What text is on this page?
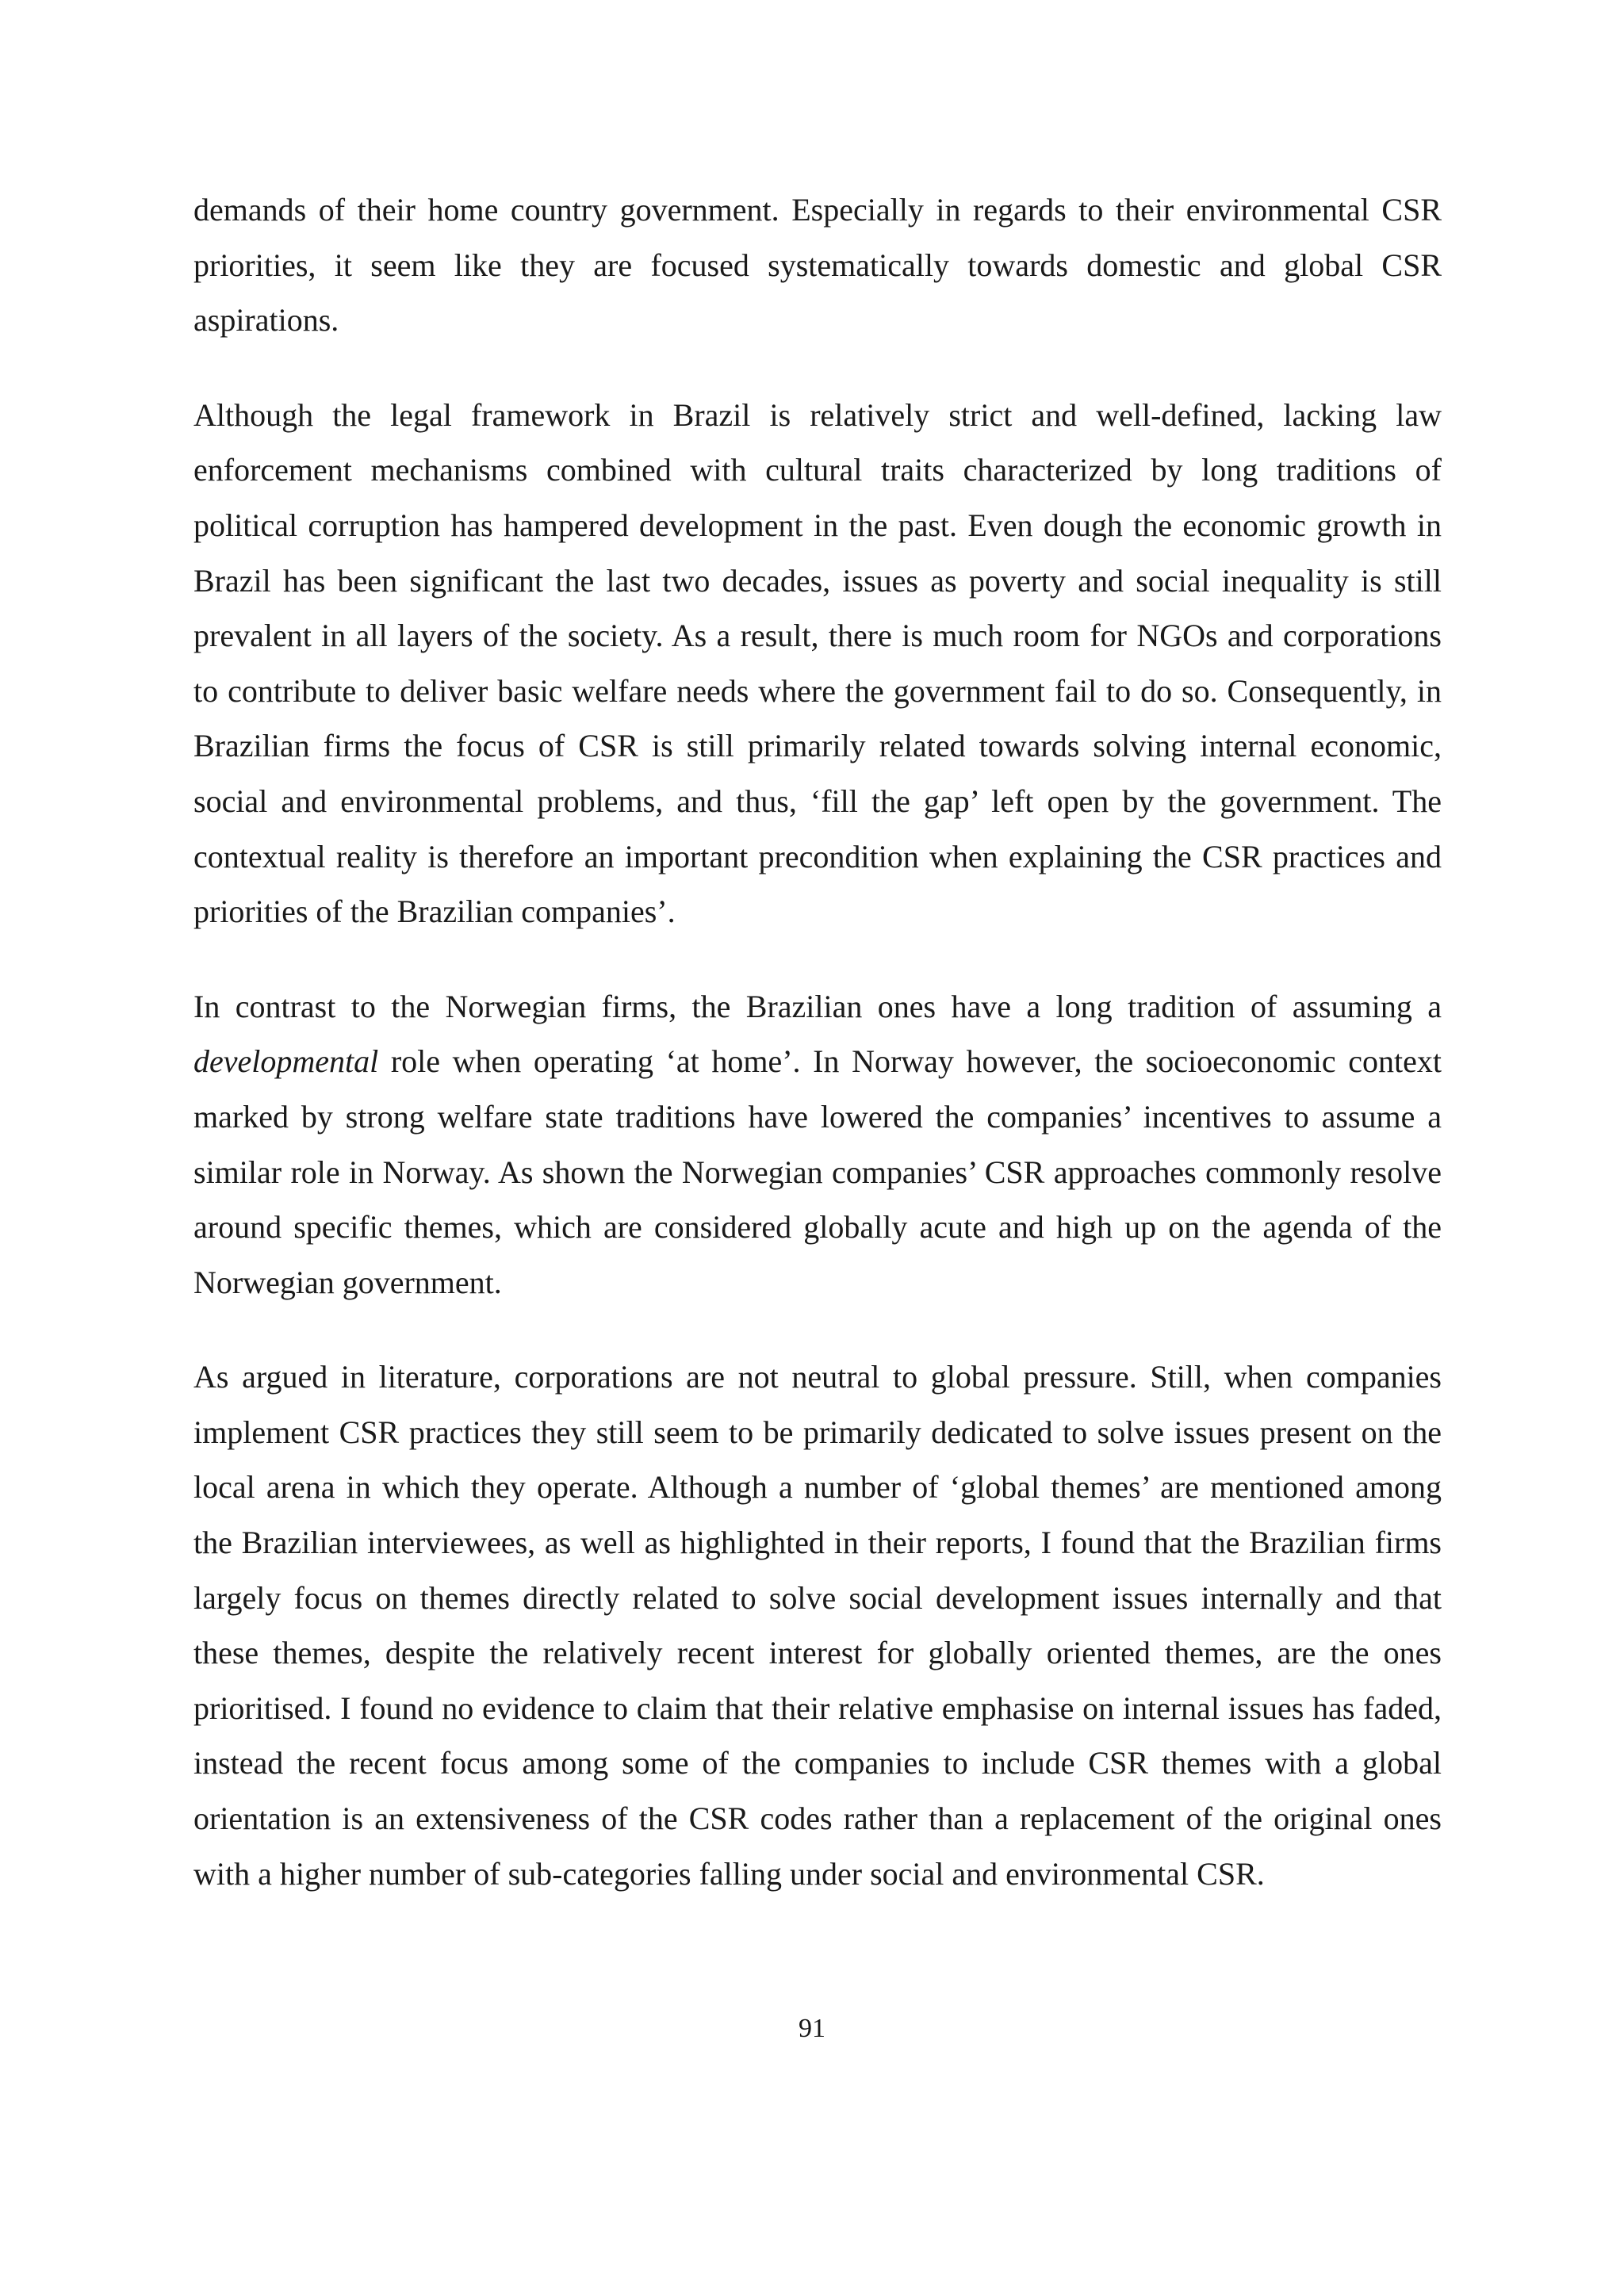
demands of their home country government. Especially in regards to their environmental CSR priorities, it seem like they are focused systematically towards domestic and global CSR aspirations.

Although the legal framework in Brazil is relatively strict and well-defined, lacking law enforcement mechanisms combined with cultural traits characterized by long traditions of political corruption has hampered development in the past. Even dough the economic growth in Brazil has been significant the last two decades, issues as poverty and social inequality is still prevalent in all layers of the society. As a result, there is much room for NGOs and corporations to contribute to deliver basic welfare needs where the government fail to do so. Consequently, in Brazilian firms the focus of CSR is still primarily related towards solving internal economic, social and environmental problems, and thus, ‘fill the gap’ left open by the government. The contextual reality is therefore an important precondition when explaining the CSR practices and priorities of the Brazilian companies’.

In contrast to the Norwegian firms, the Brazilian ones have a long tradition of assuming a developmental role when operating ‘at home’. In Norway however, the socioeconomic context marked by strong welfare state traditions have lowered the companies’ incentives to assume a similar role in Norway. As shown the Norwegian companies’ CSR approaches commonly resolve around specific themes, which are considered globally acute and high up on the agenda of the Norwegian government.

As argued in literature, corporations are not neutral to global pressure. Still, when companies implement CSR practices they still seem to be primarily dedicated to solve issues present on the local arena in which they operate. Although a number of ‘global themes’ are mentioned among the Brazilian interviewees, as well as highlighted in their reports, I found that the Brazilian firms largely focus on themes directly related to solve social development issues internally and that these themes, despite the relatively recent interest for globally oriented themes, are the ones prioritised. I found no evidence to claim that their relative emphasise on internal issues has faded, instead the recent focus among some of the companies to include CSR themes with a global orientation is an extensiveness of the CSR codes rather than a replacement of the original ones with a higher number of sub-categories falling under social and environmental CSR.

91
